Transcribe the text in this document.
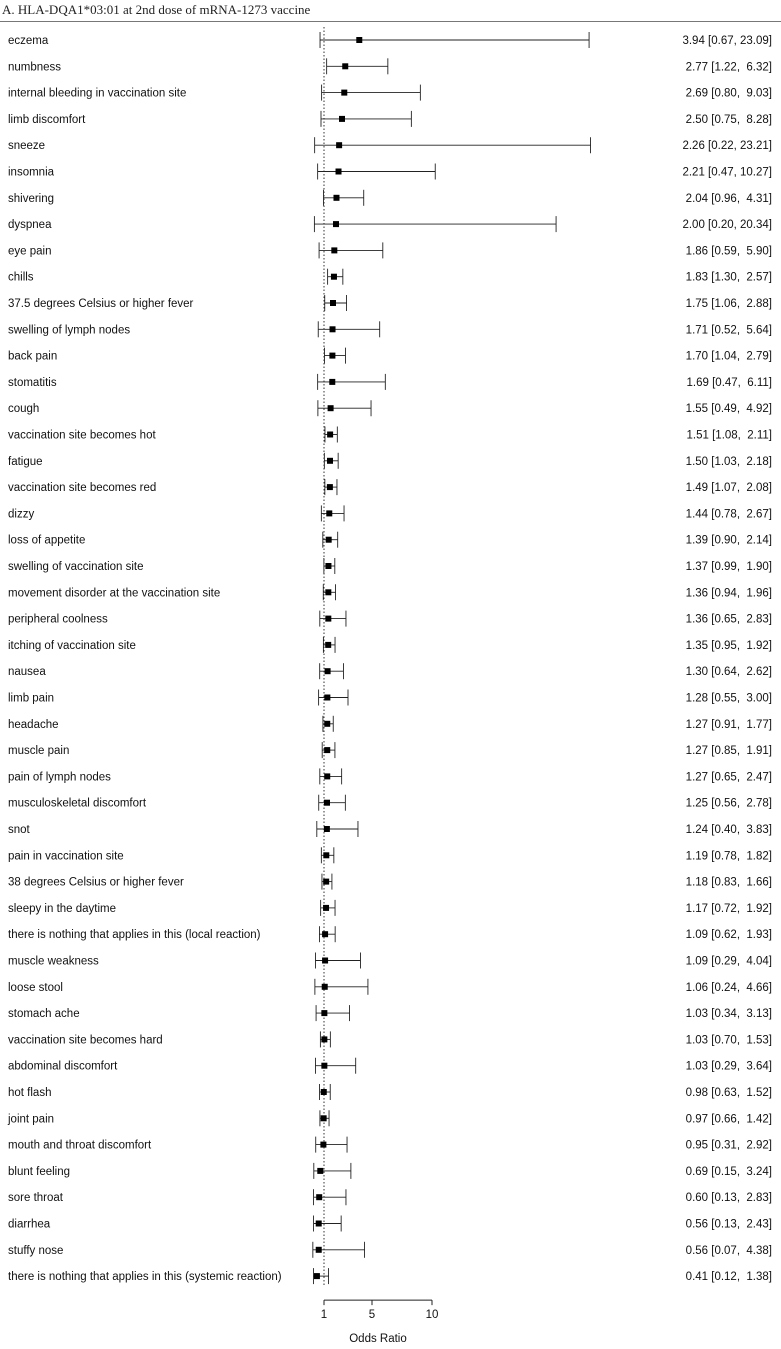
A. HLA-DQA1*03:01 at 2nd dose of mRNA-1273 vaccine
eczema	3.94 [0.67, 23.09]
numbness	2.77 [1.22,  6.32]
internal bleeding in vaccination site	2.69 [0.80,  9.03]
limb discomfort	2.50 [0.75,  8.28]
sneeze	2.26 [0.22, 23.21]
insomnia	2.21 [0.47, 10.27]
shivering	2.04 [0.96,  4.31]
dyspnea	2.00 [0.20, 20.34]
eye pain	1.86 [0.59,  5.90]
chills	1.83 [1.30,  2.57]
37.5 degrees Celsius or higher fever	1.75 [1.06,  2.88]
swelling of lymph nodes	1.71 [0.52,  5.64]
back pain	1.70 [1.04,  2.79]
stomatitis	1.69 [0.47,  6.11]
cough	1.55 [0.49,  4.92]
vaccination site becomes hot	1.51 [1.08,  2.11]
fatigue	1.50 [1.03,  2.18]
vaccination site becomes red	1.49 [1.07,  2.08]
dizzy	1.44 [0.78,  2.67]
loss of appetite	1.39 [0.90,  2.14]
swelling of vaccination site	1.37 [0.99,  1.90]
movement disorder at the vaccination site	1.36 [0.94,  1.96]
peripheral coolness	1.36 [0.65,  2.83]
itching of vaccination site	1.35 [0.95,  1.92]
nausea	1.30 [0.64,  2.62]
limb pain	1.28 [0.55,  3.00]
headache	1.27 [0.91,  1.77]
muscle pain	1.27 [0.85,  1.91]
pain of lymph nodes	1.27 [0.65,  2.47]
musculoskeletal discomfort	1.25 [0.56,  2.78]
snot	1.24 [0.40,  3.83]
pain in vaccination site	1.19 [0.78,  1.82]
38 degrees Celsius or higher fever	1.18 [0.83,  1.66]
sleepy in the daytime	1.17 [0.72,  1.92]
there is nothing that applies in this (local reaction)	1.09 [0.62,  1.93]
muscle weakness	1.09 [0.29,  4.04]
loose stool	1.06 [0.24,  4.66]
stomach ache	1.03 [0.34,  3.13]
vaccination site becomes hard	1.03 [0.70,  1.53]
abdominal discomfort	1.03 [0.29,  3.64]
hot flash	0.98 [0.63,  1.52]
joint pain	0.97 [0.66,  1.42]
mouth and throat discomfort	0.95 [0.31,  2.92]
blunt feeling	0.69 [0.15,  3.24]
sore throat	0.60 [0.13,  2.83]
diarrhea	0.56 [0.13,  2.43]
stuffy nose	0.56 [0.07,  4.38]
there is nothing that applies in this (systemic reaction)	0.41 [0.12,  1.38]
1	5	10
Odds Ratio
